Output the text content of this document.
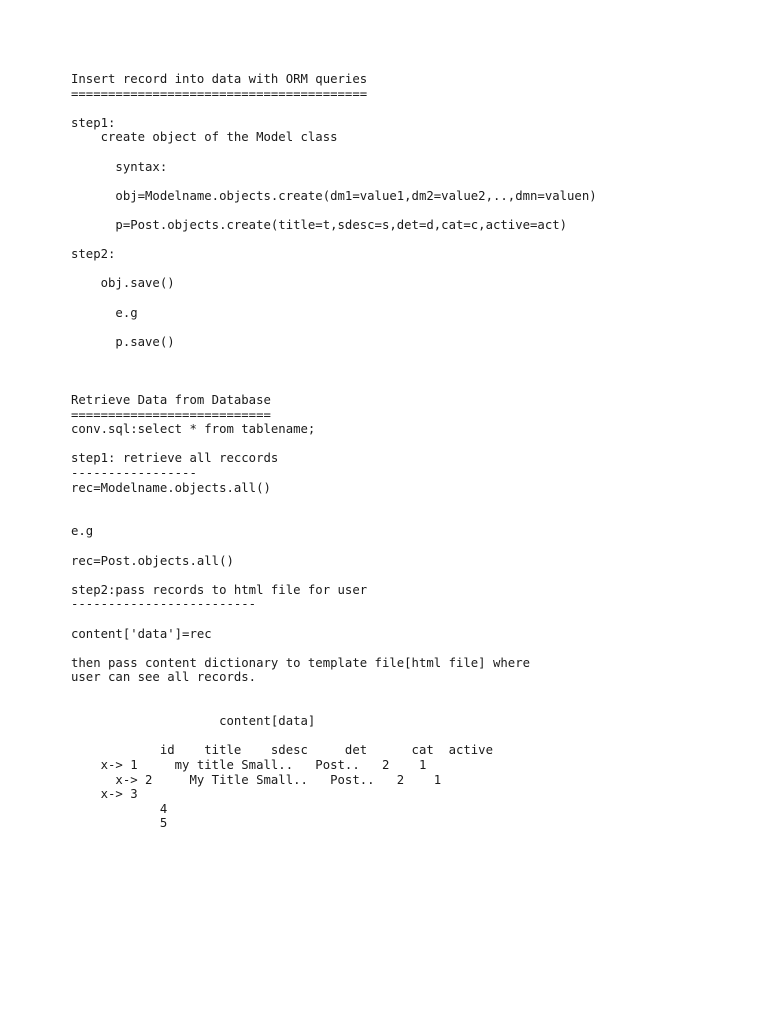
Insert record into data with ORM queries
========================================
step1:
create object of the Model class
syntax:
obj=Modelname.objects.create(dm1=value1,dm2=value2,..,dmn=valuen)
p=Post.objects.create(title=t,sdesc=s,det=d,cat=c,active=act)
step2:
obj.save()
e.g
p.save()
Retrieve Data from Database
===========================
conv.sql:select * from tablename;
step1: retrieve all reccords
-----------------
rec=Modelname.objects.all()
e.g
rec=Post.objects.all()
step2:pass records to html file for user
-------------------------
content['data']=rec
then pass content dictionary to template file[html file] where
user can see all records.
content[data]
id    title    sdesc     det      cat  active
x-> 1     my title Small..   Post..   2    1
x-> 2     My Title Small..   Post..   2    1
x-> 3
4
5
